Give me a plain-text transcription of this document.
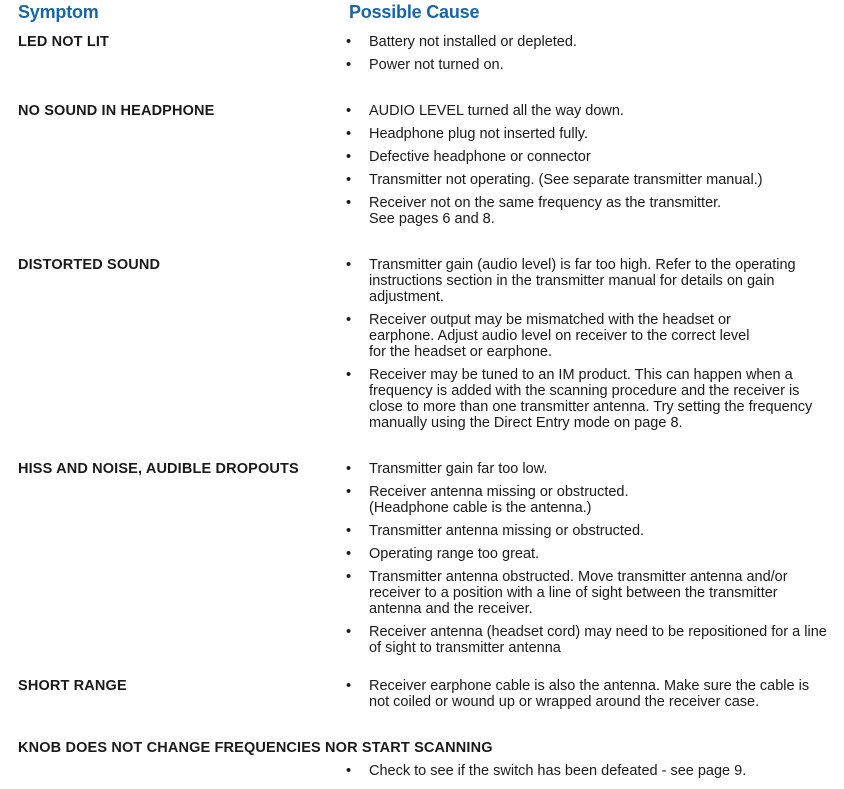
Symptom	Possible Cause
LED NOT LIT	• Battery not installed or depleted.
• Power not turned on.
NO SOUND IN HEADPHONE	• AUDIO LEVEL turned all the way down.
• Headphone plug not inserted fully.
• Defective headphone or connector
• Transmitter not operating. (See separate transmitter manual.)
• Receiver not on the same frequency as the transmitter. See pages 6 and 8.
DISTORTED SOUND	• Transmitter gain (audio level) is far too high. Refer to the operating instructions section in the transmitter manual for details on gain adjustment.
• Receiver output may be mismatched with the headset or earphone. Adjust audio level on receiver to the correct level for the headset or earphone.
• Receiver may be tuned to an IM product. This can happen when a frequency is added with the scanning procedure and the receiver is close to more than one transmitter antenna. Try setting the frequency manually using the Direct Entry mode on page 8.
HISS AND NOISE, AUDIBLE DROPOUTS	• Transmitter gain far too low.
• Receiver antenna missing or obstructed. (Headphone cable is the antenna.)
• Transmitter antenna missing or obstructed.
• Operating range too great.
• Transmitter antenna obstructed. Move transmitter antenna and/or receiver to a position with a line of sight between the transmitter antenna and the receiver.
• Receiver antenna (headset cord) may need to be repositioned for a line of sight to transmitter antenna
SHORT RANGE	• Receiver earphone cable is also the antenna. Make sure the cable is not coiled or wound up or wrapped around the receiver case.
KNOB DOES NOT CHANGE FREQUENCIES NOR START SCANNING
• Check to see if the switch has been defeated - see page 9.
